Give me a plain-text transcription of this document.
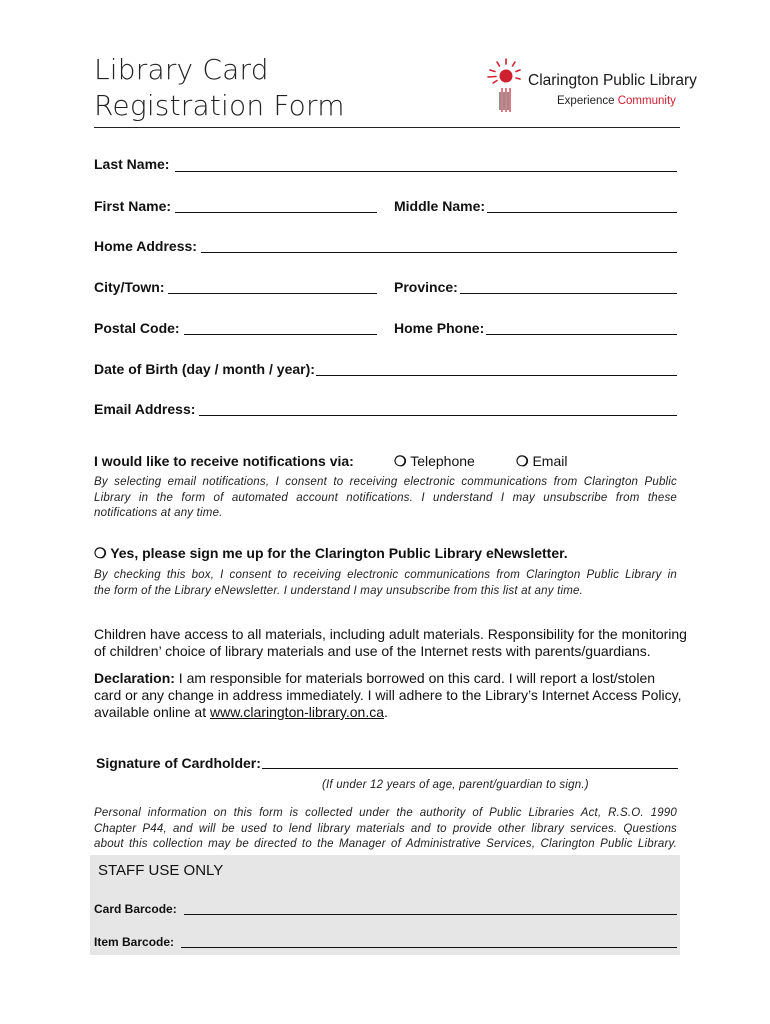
Library Card
Registration Form
Clarington Public Library
Experience Community
Last Name:
First Name:	Middle Name:
Home Address:
City/Town:	Province:
Postal Code:	Home Phone:
Date of Birth (day / month / year):
Email Address:
I would like to receive notifications via:	❍ Telephone	❍ Email
By selecting email notifications, I consent to receiving electronic communications from Clarington Public
Library in the form of automated account notifications. I understand I may unsubscribe from these
notifications at any time.
❍ Yes, please sign me up for the Clarington Public Library eNewsletter.
By checking this box, I consent to receiving electronic communications from Clarington Public Library in
the form of the Library eNewsletter. I understand I may unsubscribe from this list at any time.
Children have access to all materials, including adult materials. Responsibility for the monitoring
of children’ choice of library materials and use of the Internet rests with parents/guardians.
Declaration: I am responsible for materials borrowed on this card. I will report a lost/stolen
card or any change in address immediately. I will adhere to the Library’s Internet Access Policy,
available online at www.clarington-library.on.ca.
Signature of Cardholder:
(If under 12 years of age, parent/guardian to sign.)
Personal information on this form is collected under the authority of Public Libraries Act, R.S.O. 1990
Chapter P44, and will be used to lend library materials and to provide other library services. Questions
about this collection may be directed to the Manager of Administrative Services, Clarington Public Library.
STAFF USE ONLY
Card Barcode:
Item Barcode:
